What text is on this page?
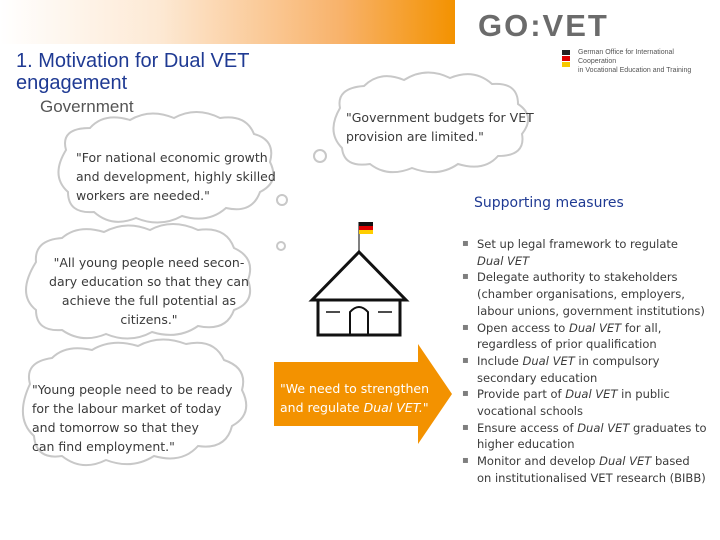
1. Motivation for Dual VET engagement
Government
GO:VET
German Office for International Cooperation
in Vocational Education and Training
"Government budgets for VET
provision are limited."
"For national economic growth
and development, highly skilled
workers are needed."
"All young people need secon-
dary education so that they can
achieve the full potential as
citizens."
"Young people need to be ready
for the labour market of today
and tomorrow so that they
can find employment."
"We need to strengthen
and regulate Dual VET."
Supporting measures
▪ Set up legal framework to regulate
Dual VET
▪ Delegate authority to stakeholders
(chamber organisations, employers,
labour unions, government institutions)
▪ Open access to Dual VET for all,
regardless of prior qualification
▪ Include Dual VET in compulsory
secondary education
▪ Provide part of Dual VET in public
vocational schools
▪ Ensure access of Dual VET graduates to
higher education
▪ Monitor and develop Dual VET based
on institutionalised VET research (BIBB)
